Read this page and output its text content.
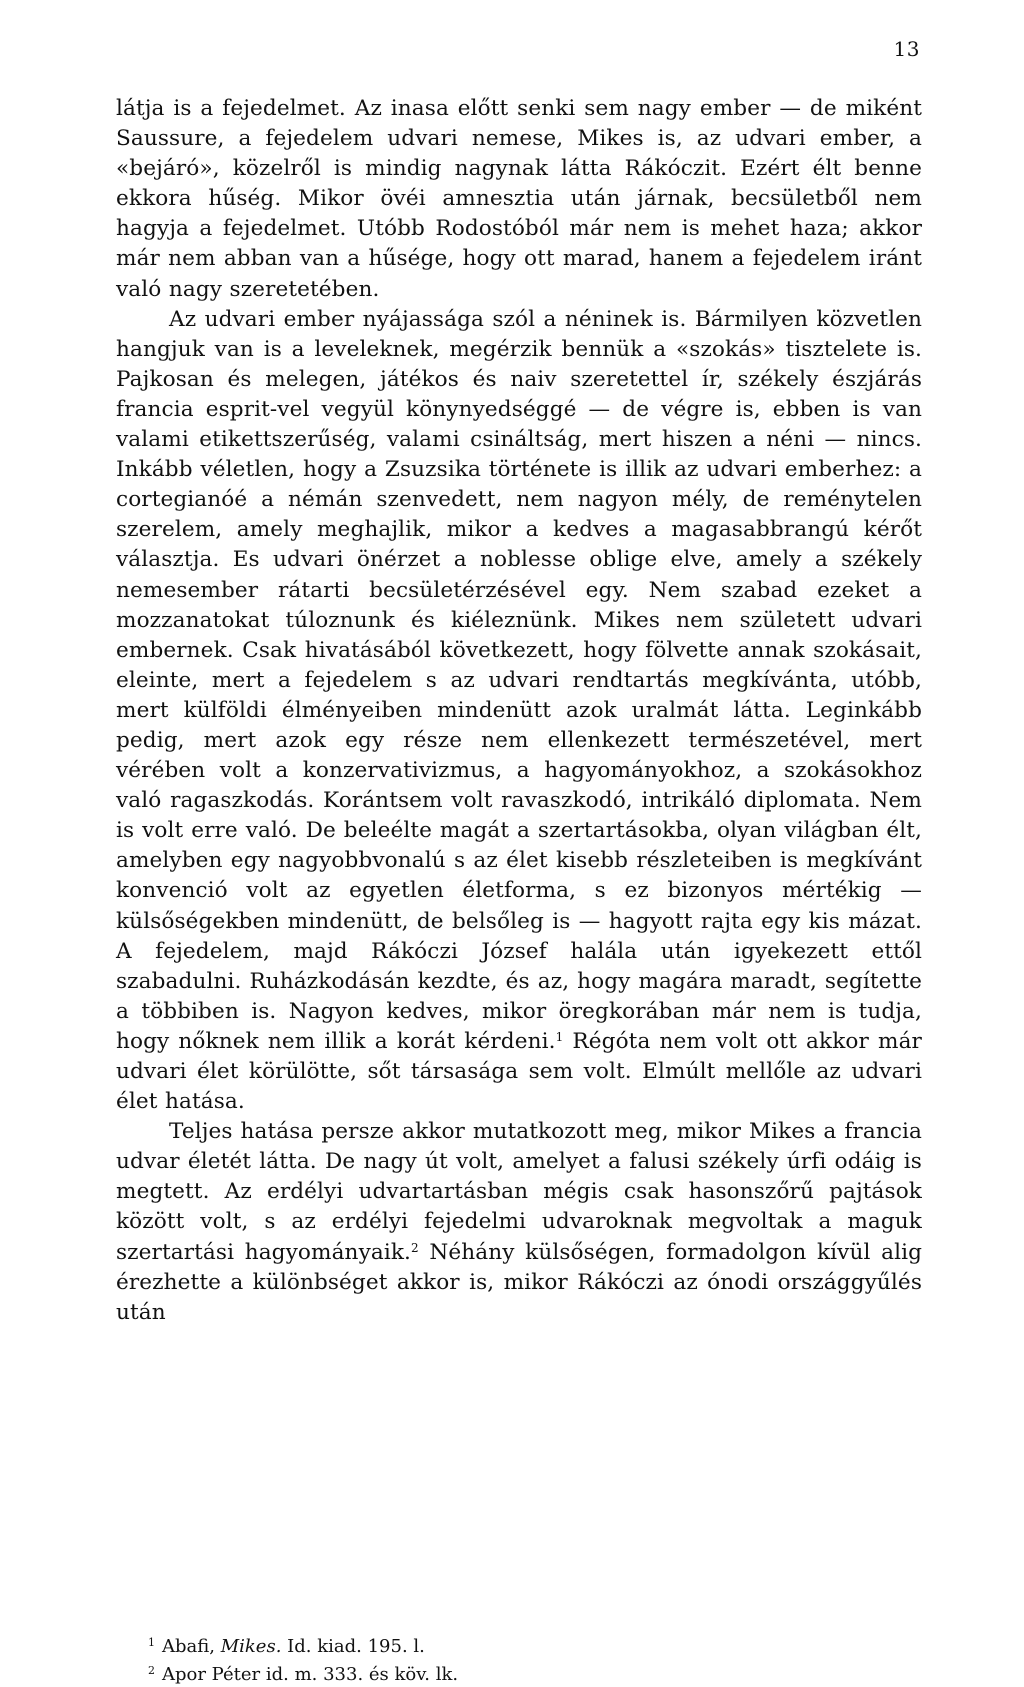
13

látja is a fejedelmet. Az inasa előtt senki sem nagy ember — de miként Saussure, a fejedelem udvari nemese, Mikes is, az udvari ember, a «bejáró», közelről is mindig nagynak látta Rákóczit. Ezért élt benne ekkora hűség. Mikor övéi amnesztia után járnak, becsületből nem hagyja a fejedelmet. Utóbb Rodostóból már nem is mehet haza; akkor már nem abban van a hűsége, hogy ott marad, hanem a fejedelem iránt való nagy szeretetében.

Az udvari ember nyájassága szól a néninek is. Bármilyen közvetlen hangjuk van is a leveleknek, megérzik bennük a «szokás» tisztelete is. Pajkosan és melegen, játékos és naiv szeretettel ír, székely észjárás francia esprit-vel vegyül könynyedséggé — de végre is, ebben is van valami etikettszerűség, valami csináltság, mert hiszen a néni — nincs. Inkább véletlen, hogy a Zsuzsika története is illik az udvari emberhez: a cortegianóé a némán szenvedett, nem nagyon mély, de reménytelen szerelem, amely meghajlik, mikor a kedves a magasabbrangú kérőt választja. Es udvari önérzet a noblesse oblige elve, amely a székely nemesember rátarti becsületérzésével egy. Nem szabad ezeket a mozzanatokat túloznunk és kiéleznünk. Mikes nem született udvari embernek. Csak hivatásából következett, hogy fölvette annak szokásait, eleinte, mert a fejedelem s az udvari rendtartás megkívánta, utóbb, mert külföldi élményeiben mindenütt azok uralmát látta. Leginkább pedig, mert azok egy része nem ellenkezett természetével, mert vérében volt a konzervativizmus, a hagyományokhoz, a szokásokhoz való ragaszkodás. Korántsem volt ravaszkodó, intrikáló diplomata. Nem is volt erre való. De beleélte magát a szertartásokba, olyan világban élt, amelyben egy nagyobbvonalú s az élet kisebb részleteiben is megkívánt konvenció volt az egyetlen életforma, s ez bizonyos mértékig — külsőségekben mindenütt, de belsőleg is — hagyott rajta egy kis mázat. A fejedelem, majd Rákóczi József halála után igyekezett ettől szabadulni. Ruházkodásán kezdte, és az, hogy magára maradt, segítette a többiben is. Nagyon kedves, mikor öregkorában már nem is tudja, hogy nőknek nem illik a korát kérdeni.$^1$ Régóta nem volt ott akkor már udvari élet körülötte, sőt társasága sem volt. Elmúlt mellőle az udvari élet hatása.

Teljes hatása persze akkor mutatkozott meg, mikor Mikes a francia udvar életét látta. De nagy út volt, amelyet a falusi székely úrfi odáig is megtett. Az erdélyi udvartartásban mégis csak hasonszőrű pajtások között volt, s az erdélyi fejedelmi udvaroknak megvoltak a maguk szertartási hagyományaik.$^2$ Néhány külsőségen, formadolgon kívül alig érezhette a különbséget akkor is, mikor Rákóczi az ónodi országgyűlés után

$^1$ Abafi, Mikes. Id. kiad. 195. l.
$^2$ Apor Péter id. m. 333. és köv. lk.
